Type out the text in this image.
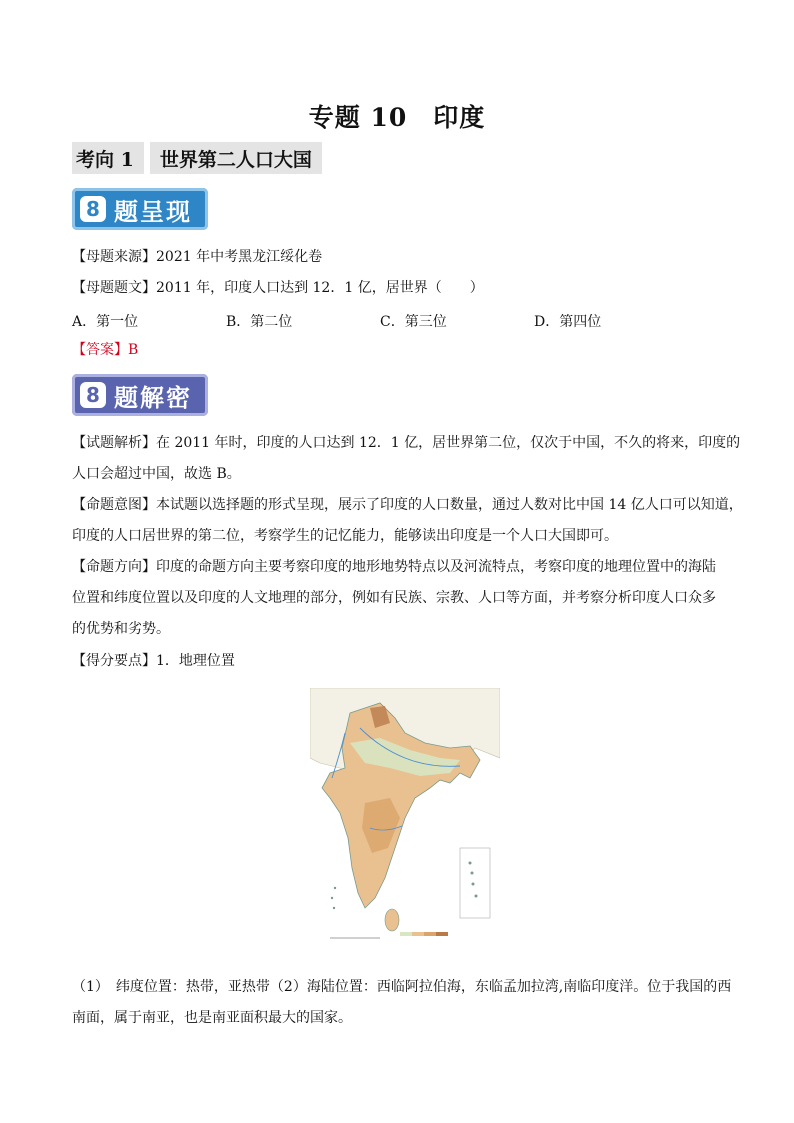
专题 10　印度
考向 1 世界第二人口大国
8 题呈现
【母题来源】2021 年中考黑龙江绥化卷
【母题题文】2011 年，印度人口达到 12．1 亿，居世界（　　）
A．第一位	B．第二位	C．第三位	D．第四位
【答案】B
8 题解密
【试题解析】在 2011 年时，印度的人口达到 12．1 亿，居世界第二位，仅次于中国，不久的将来，印度的
人口会超过中国，故选 B。
【命题意图】本试题以选择题的形式呈现，展示了印度的人口数量，通过人数对比中国 14 亿人口可以知道，
印度的人口居世界的第二位，考察学生的记忆能力，能够读出印度是一个人口大国即可。
【命题方向】印度的命题方向主要考察印度的地形地势特点以及河流特点，考察印度的地理位置中的海陆
位置和纬度位置以及印度的人文地理的部分，例如有民族、宗教、人口等方面，并考察分析印度人口众多
的优势和劣势。
【得分要点】1．地理位置
（1）　纬度位置：热带，亚热带（2）海陆位置：西临阿拉伯海，东临孟加拉湾,南临印度洋。位于我国的西
南面，属于南亚，也是南亚面积最大的国家。
